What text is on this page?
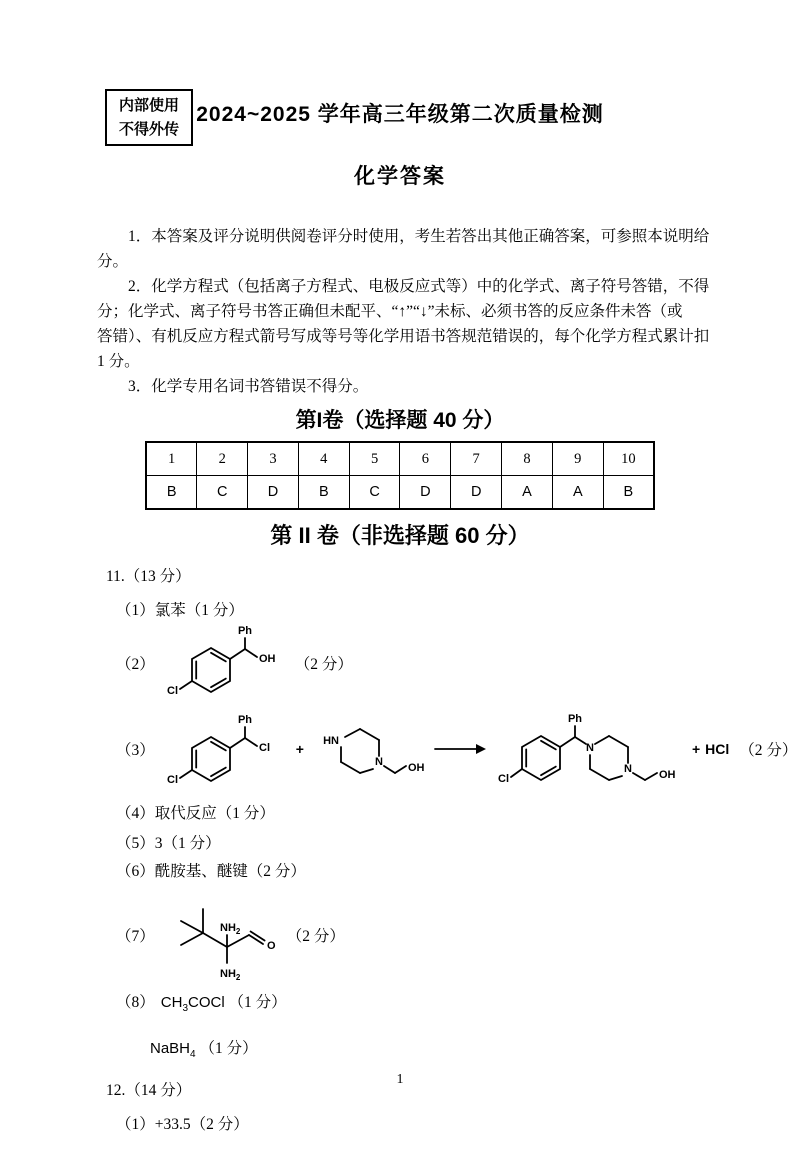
内部使用
不得外传
2024~2025 学年高三年级第二次质量检测
化学答案
1．本答案及评分说明供阅卷评分时使用，考生若答出其他正确答案，可参照本说明给
分。
2．化学方程式（包括离子方程式、电极反应式等）中的化学式、离子符号答错，不得
分；化学式、离子符号书答正确但未配平、“↑”“↓”未标、必须书答的反应条件未答（或
答错）、有机反应方程式箭号写成等号等化学用语书答规范错误的，每个化学方程式累计扣
1 分。
3．化学专用名词书答错误不得分。
第I卷（选择题 40 分）
1	2	3	4	5	6	7	8	9	10
B	C	D	B	C	D	D	A	A	B
第 II 卷（非选择题 60 分）
11.（13 分）
（1）氯苯（1 分）
（2）
Cl
Ph
OH （2 分）
（3）
Cl
Ph
Cl + HN
N OH
Cl
Ph
N
N OH
+ HCl （2 分）
（4）取代反应（1 分）
（5）3（1 分）
（6）酰胺基、醚键（2 分）
（7）	$NH_2$
$NH_2$
O
（2 分）
（8） $CH_3COCl$ （1 分）
NaBH$_4$ （1 分）
12.（14 分）
（1）+33.5（2 分）
1
